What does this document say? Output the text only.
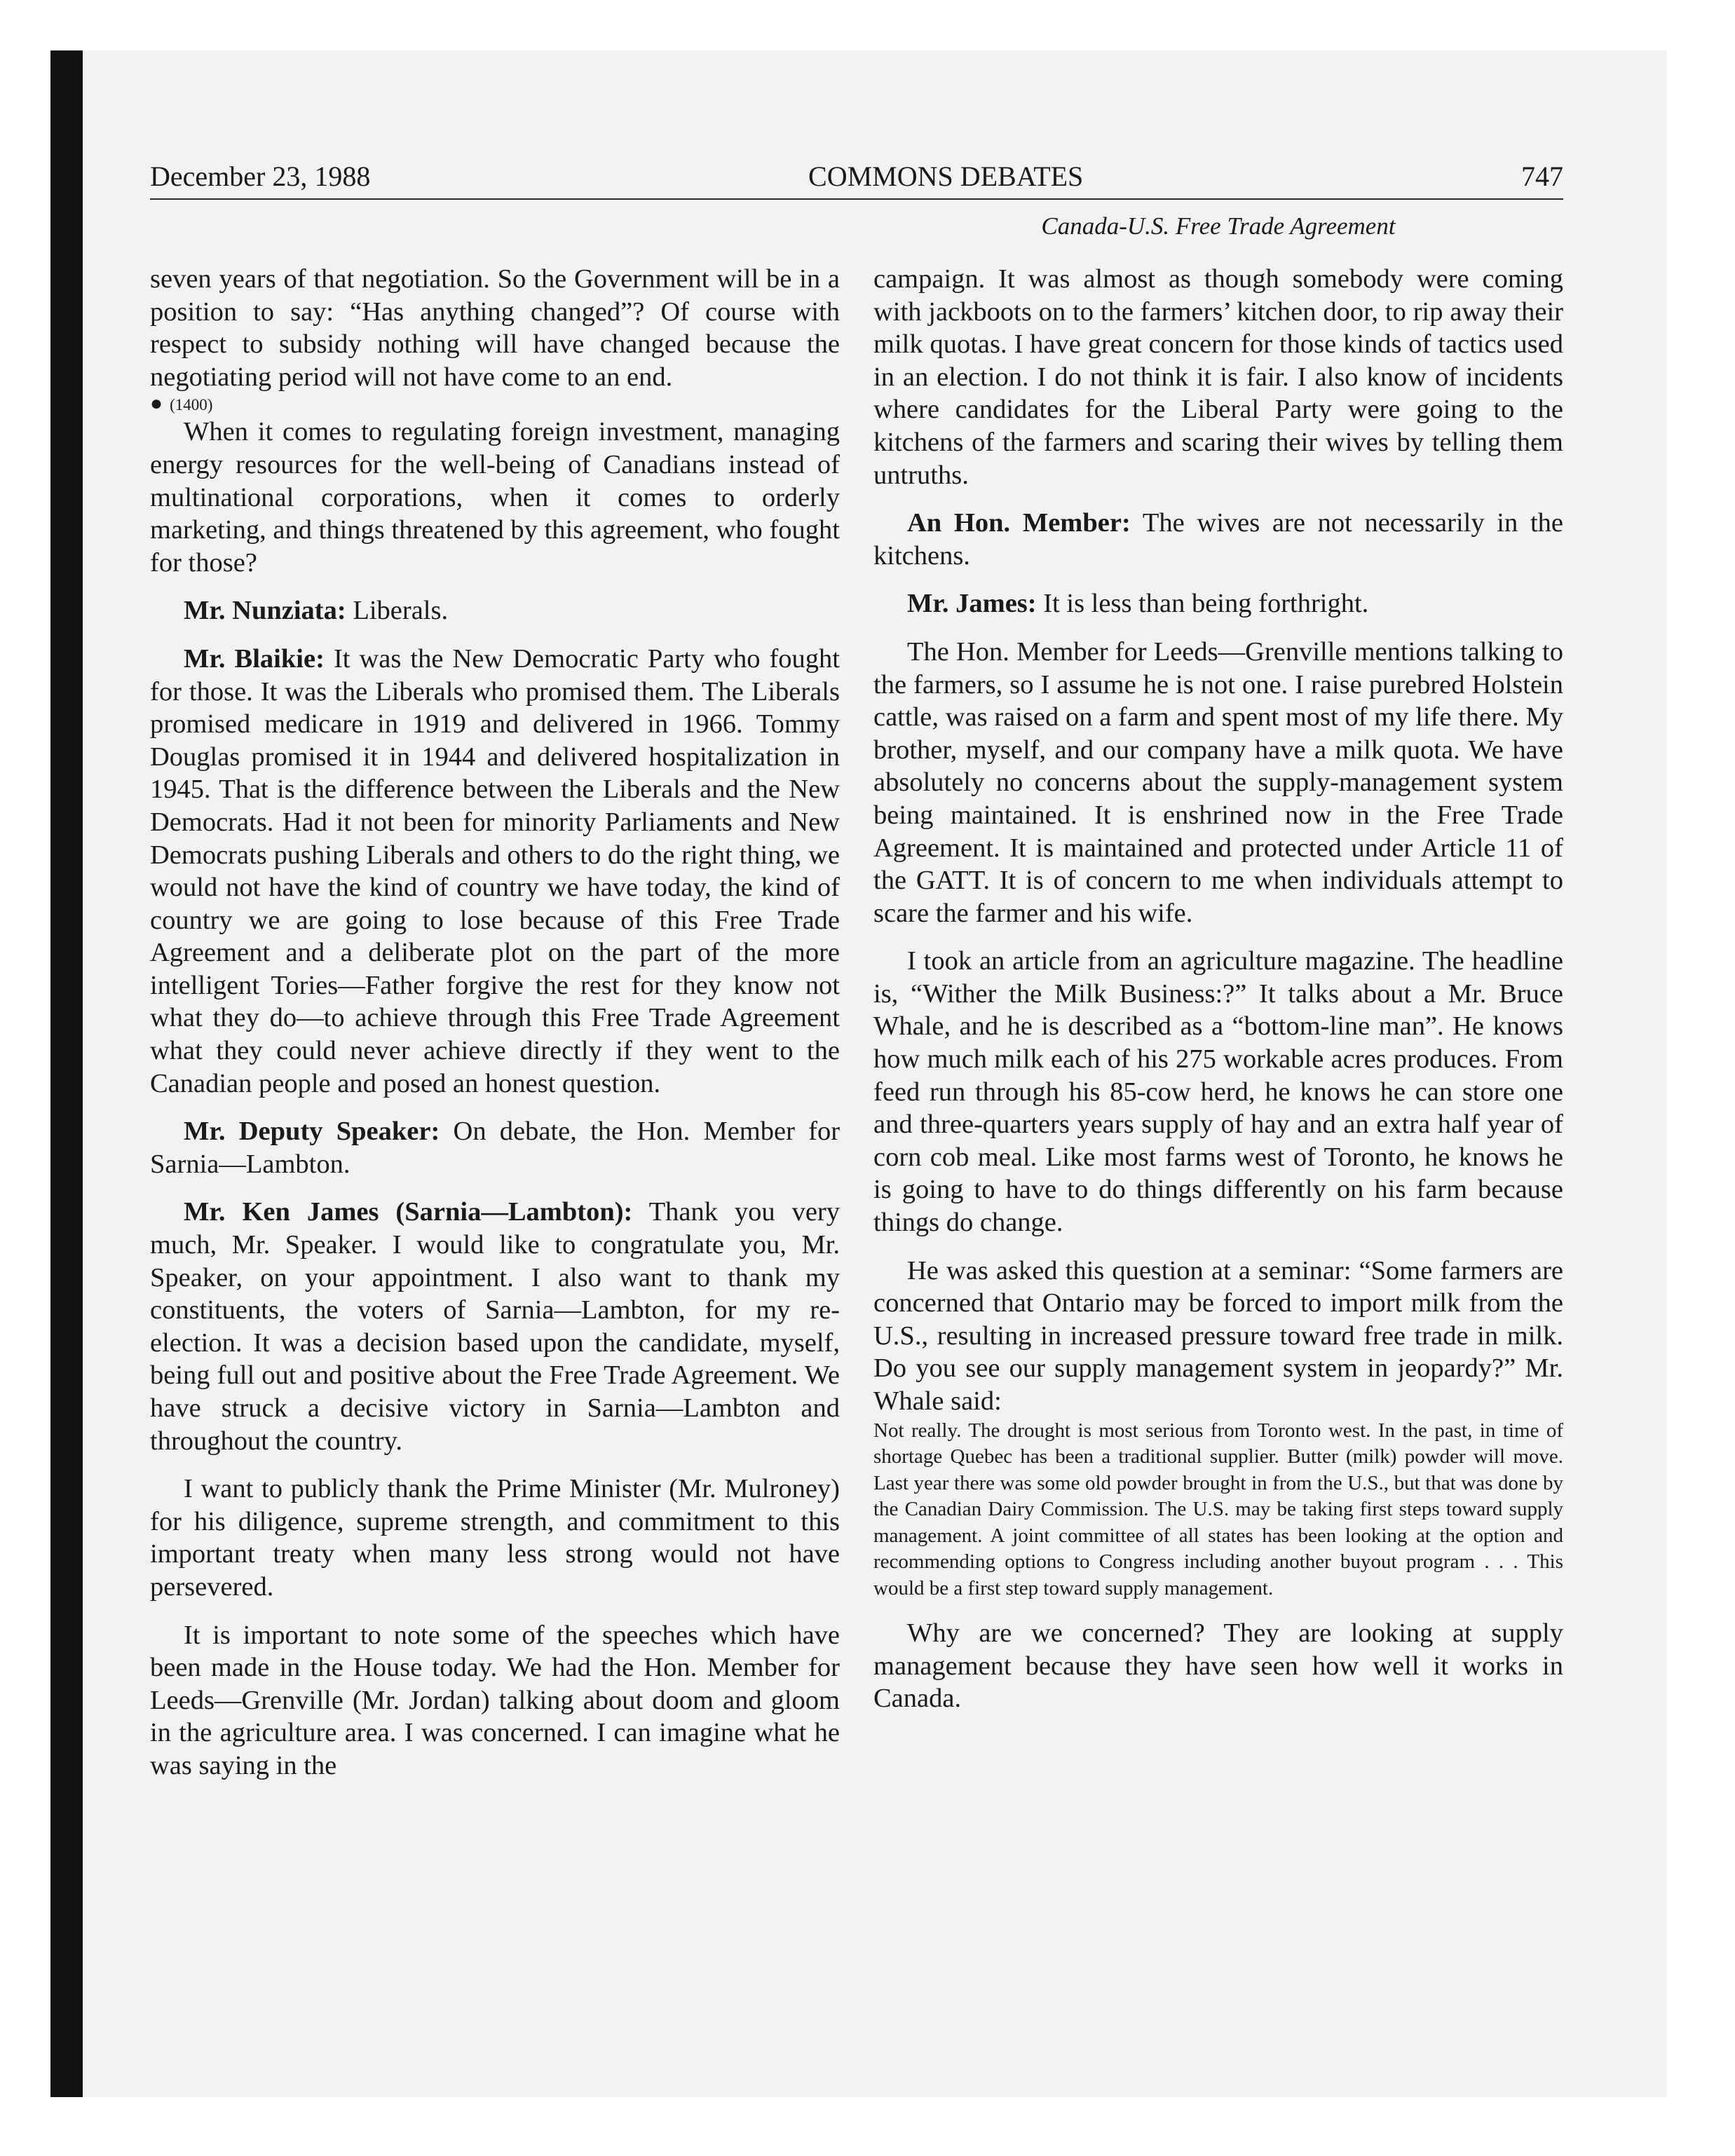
December 23, 1988	COMMONS DEBATES	747
Canada-U.S. Free Trade Agreement

seven years of that negotiation. So the Government will be in a position to say: “Has anything changed”? Of course with respect to subsidy nothing will have changed because the negotiating period will not have come to an end.

● (1400)

When it comes to regulating foreign investment, managing energy resources for the well-being of Canadians instead of multinational corporations, when it comes to orderly marketing, and things threatened by this agreement, who fought for those?

Mr. Nunziata: Liberals.

Mr. Blaikie: It was the New Democratic Party who fought for those. It was the Liberals who promised them. The Liberals promised medicare in 1919 and delivered in 1966. Tommy Douglas promised it in 1944 and delivered hospitalization in 1945. That is the difference between the Liberals and the New Democrats. Had it not been for minority Parliaments and New Democrats pushing Liberals and others to do the right thing, we would not have the kind of country we have today, the kind of country we are going to lose because of this Free Trade Agreement and a deliberate plot on the part of the more intelligent Tories—Father forgive the rest for they know not what they do—to achieve through this Free Trade Agreement what they could never achieve directly if they went to the Canadian people and posed an honest question.

Mr. Deputy Speaker: On debate, the Hon. Member for Sarnia—Lambton.

Mr. Ken James (Sarnia—Lambton): Thank you very much, Mr. Speaker. I would like to congratulate you, Mr. Speaker, on your appointment. I also want to thank my constituents, the voters of Sarnia—Lambton, for my re-election. It was a decision based upon the candidate, myself, being full out and positive about the Free Trade Agreement. We have struck a decisive victory in Sarnia—Lambton and throughout the country.

I want to publicly thank the Prime Minister (Mr. Mulroney) for his diligence, supreme strength, and commitment to this important treaty when many less strong would not have persevered.

It is important to note some of the speeches which have been made in the House today. We had the Hon. Member for Leeds—Grenville (Mr. Jordan) talking about doom and gloom in the agriculture area. I was concerned. I can imagine what he was saying in the

campaign. It was almost as though somebody were coming with jackboots on to the farmers’ kitchen door, to rip away their milk quotas. I have great concern for those kinds of tactics used in an election. I do not think it is fair. I also know of incidents where candidates for the Liberal Party were going to the kitchens of the farmers and scaring their wives by telling them untruths.

An Hon. Member: The wives are not necessarily in the kitchens.

Mr. James: It is less than being forthright.

The Hon. Member for Leeds—Grenville mentions talking to the farmers, so I assume he is not one. I raise purebred Holstein cattle, was raised on a farm and spent most of my life there. My brother, myself, and our company have a milk quota. We have absolutely no concerns about the supply-management system being maintained. It is enshrined now in the Free Trade Agreement. It is maintained and protected under Article 11 of the GATT. It is of concern to me when individuals attempt to scare the farmer and his wife.

I took an article from an agriculture magazine. The headline is, “Wither the Milk Business:?” It talks about a Mr. Bruce Whale, and he is described as a “bottom-line man”. He knows how much milk each of his 275 workable acres produces. From feed run through his 85-cow herd, he knows he can store one and three-quarters years supply of hay and an extra half year of corn cob meal. Like most farms west of Toronto, he knows he is going to have to do things differently on his farm because things do change.

He was asked this question at a seminar: “Some farmers are concerned that Ontario may be forced to import milk from the U.S., resulting in increased pressure toward free trade in milk. Do you see our supply management system in jeopardy?” Mr. Whale said:

Not really. The drought is most serious from Toronto west. In the past, in time of shortage Quebec has been a traditional supplier. Butter (milk) powder will move. Last year there was some old powder brought in from the U.S., but that was done by the Canadian Dairy Commission. The U.S. may be taking first steps toward supply management. A joint committee of all states has been looking at the option and recommending options to Congress including another buyout program . . . This would be a first step toward supply management.

Why are we concerned? They are looking at supply management because they have seen how well it works in Canada.
